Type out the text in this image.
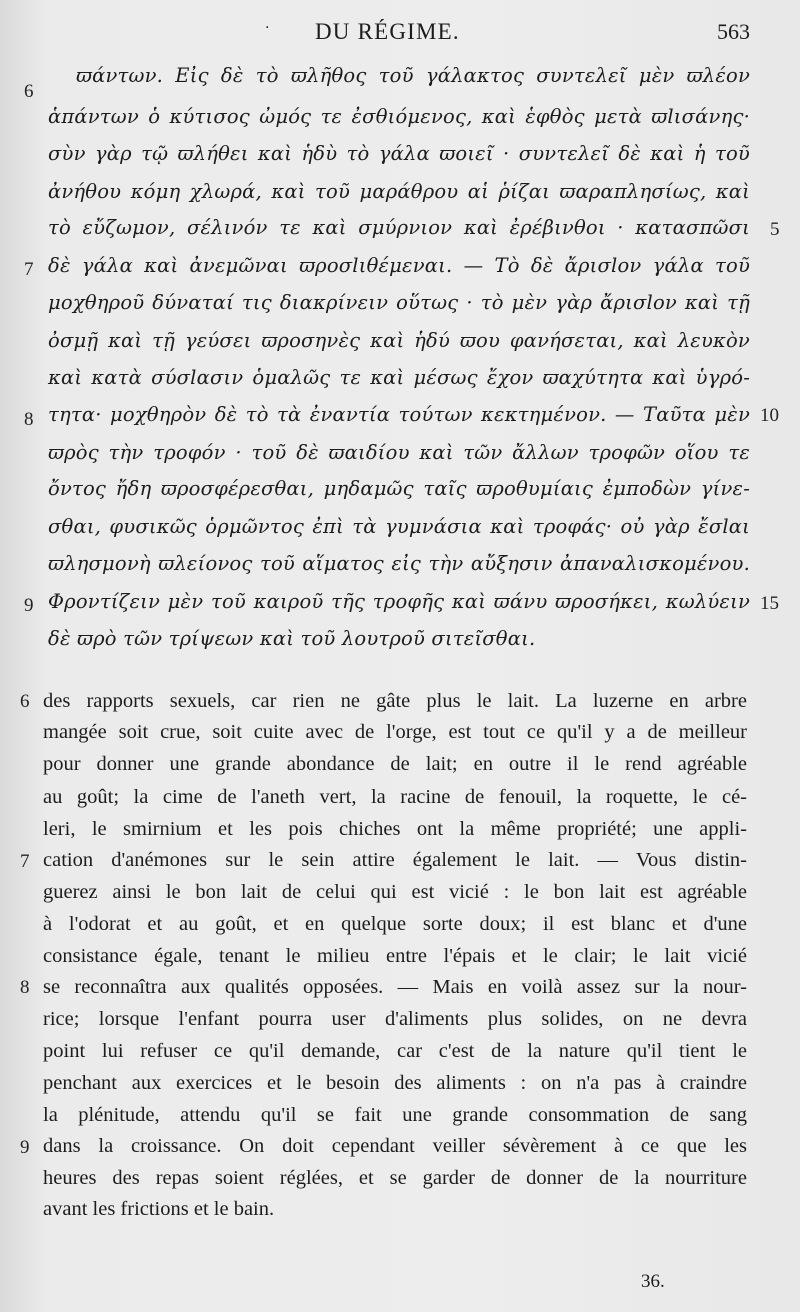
· DU RÉGIME.	563
ϖάντων. Εἰς δὲ τὸ ϖλῆθος τοῦ γάλακτος συντελεῖ μὲν ϖλέον
ἁπάντων ὁ κύτισος ὠμός τε ἐσθιόμενος, καὶ ἑφθὸς μετὰ ϖlισάνης·
σὺν γὰρ τῷ ϖλήθει καὶ ἡδὺ τὸ γάλα ϖοιεῖ · συντελεῖ δὲ καὶ ἡ τοῦ
ἀνήθου κόμη χλωρά, καὶ τοῦ μαράθρου αἱ ῥίζαι ϖαραπλησίως, καὶ
τὸ εὔζωμον, σέλινόν τε καὶ σμύρνιον καὶ ἐρέβινθοι · κατασπῶσι
δὲ γάλα καὶ ἀνεμῶναι ϖροσlιθέμεναι. — Τὸ δὲ ἄρισlον γάλα τοῦ
μοχθηροῦ δύναταί τις διακρίνειν οὕτως · τὸ μὲν γὰρ ἄρισlον καὶ τῇ
ὀσμῇ καὶ τῇ γεύσει ϖροσηνὲς καὶ ἡδύ ϖου φανήσεται, καὶ λευκὸν
καὶ κατὰ σύσlασιν ὁμαλῶς τε καὶ μέσως ἔχον ϖαχύτητα καὶ ὑγρό-
τητα· μοχθηρὸν δὲ τὸ τὰ ἐναντία τούτων κεκτημένον. — Ταῦτα μὲν
ϖρὸς τὴν τροφόν · τοῦ δὲ ϖαιδίου καὶ τῶν ἄλλων τροφῶν οἵου τε
ὄντος ἤδη ϖροσφέρεσθαι, μηδαμῶς ταῖς ϖροθυμίαις ἐμποδὼν γίνε-
σθαι, φυσικῶς ὁρμῶντος ἐπὶ τὰ γυμνάσια καὶ τροφάς· οὐ γὰρ ἔσlαι
ϖλησμονὴ ϖλείονος τοῦ αἵματος εἰς τὴν αὔξησιν ἀπαναλισκομένου.
Φροντίζειν μὲν τοῦ καιροῦ τῆς τροφῆς καὶ ϖάνυ ϖροσήκει, κωλύειν
δὲ ϖρὸ τῶν τρίψεων καὶ τοῦ λουτροῦ σιτεῖσθαι.
6
7
8
9
5
10
15
des rapports sexuels, car rien ne gâte plus le lait. La luzerne en arbre
mangée soit crue, soit cuite avec de l'orge, est tout ce qu'il y a de meilleur
pour donner une grande abondance de lait; en outre il le rend agréable
au goût; la cime de l'aneth vert, la racine de fenouil, la roquette, le cé-
leri, le smirnium et les pois chiches ont la même propriété; une appli-
cation d'anémones sur le sein attire également le lait. — Vous distin-
guerez ainsi le bon lait de celui qui est vicié : le bon lait est agréable
à l'odorat et au goût, et en quelque sorte doux; il est blanc et d'une
consistance égale, tenant le milieu entre l'épais et le clair; le lait vicié
se reconnaîtra aux qualités opposées. — Mais en voilà assez sur la nour-
rice; lorsque l'enfant pourra user d'aliments plus solides, on ne devra
point lui refuser ce qu'il demande, car c'est de la nature qu'il tient le
penchant aux exercices et le besoin des aliments : on n'a pas à craindre
la plénitude, attendu qu'il se fait une grande consommation de sang
dans la croissance. On doit cependant veiller sévèrement à ce que les
heures des repas soient réglées, et se garder de donner de la nourriture
avant les frictions et le bain.
6
7
8
9
36.
